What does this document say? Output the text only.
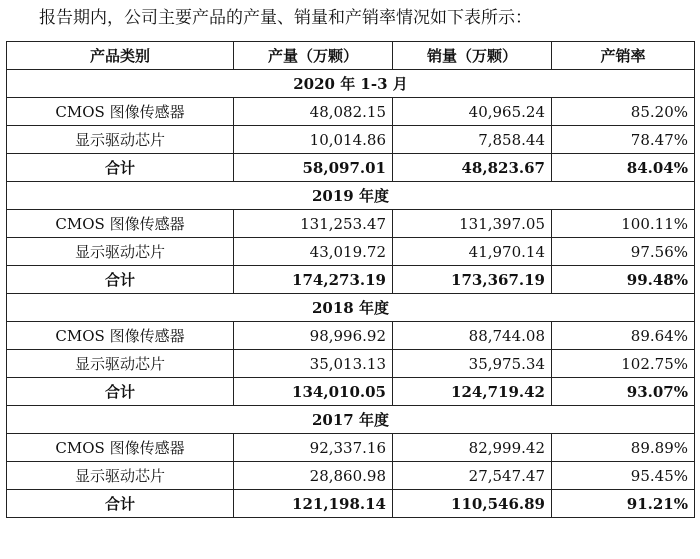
报告期内，公司主要产品的产量、销量和产销率情况如下表所示：
产品类别	产量（万颗）	销量（万颗）	产销率
2020 年 1-3 月			
CMOS 图像传感器	48,082.15	40,965.24	85.20%
显示驱动芯片	10,014.86	7,858.44	78.47%
合计	58,097.01	48,823.67	84.04%
2019 年度			
CMOS 图像传感器	131,253.47	131,397.05	100.11%
显示驱动芯片	43,019.72	41,970.14	97.56%
合计	174,273.19	173,367.19	99.48%
2018 年度			
CMOS 图像传感器	98,996.92	88,744.08	89.64%
显示驱动芯片	35,013.13	35,975.34	102.75%
合计	134,010.05	124,719.42	93.07%
2017 年度			
CMOS 图像传感器	92,337.16	82,999.42	89.89%
显示驱动芯片	28,860.98	27,547.47	95.45%
合计	121,198.14	110,546.89	91.21%
